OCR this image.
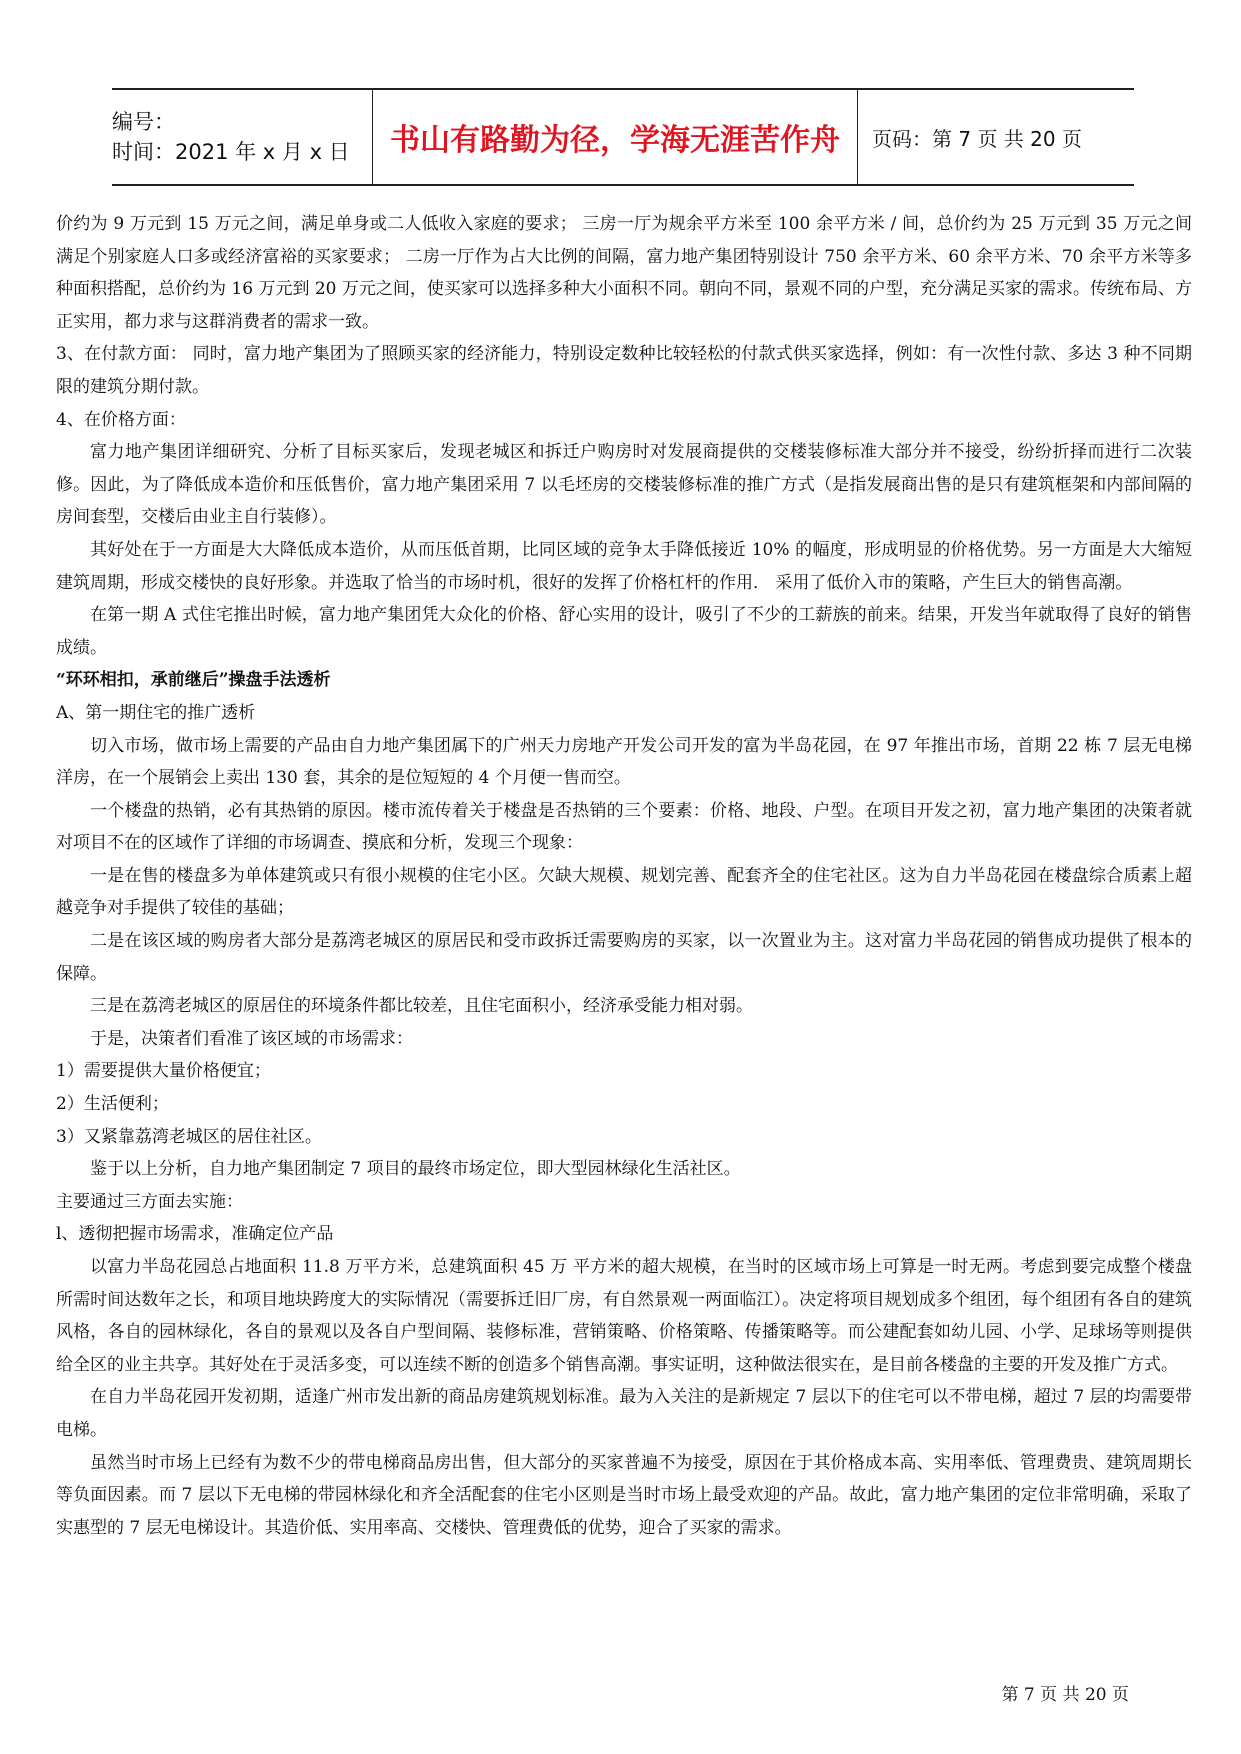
编号：
时间：2021 年 x 月 x 日	书山有路勤为径，学海无涯苦作舟	页码：第 7 页 共 20 页

价约为 9 万元到 15 万元之间，满足单身或二人低收入家庭的要求； 三房一厅为规余平方米至 100 余平方米 / 间，总价约为 25 万元到 35 万元之间满足个别家庭人口多或经济富裕的买家要求； 二房一厅作为占大比例的间隔，富力地产集团特别设计 750 余平方米、60 余平方米、70 余平方米等多种面积搭配，总价约为 16 万元到 20 万元之间，使买家可以选择多种大小面积不同。朝向不同，景观不同的户型，充分满足买家的需求。传统布局、方正实用，都力求与这群消费者的需求一致。

3、在付款方面： 同时，富力地产集团为了照顾买家的经济能力，特别设定数种比较轻松的付款式供买家选择，例如：有一次性付款、多达 3 种不同期限的建筑分期付款。

4、在价格方面：

富力地产集团详细研究、分析了目标买家后，发现老城区和拆迁户购房时对发展商提供的交楼装修标准大部分并不接受，纷纷折择而进行二次装修。因此，为了降低成本造价和压低售价，富力地产集团采用 7 以毛坯房的交楼装修标准的推广方式（是指发展商出售的是只有建筑框架和内部间隔的房间套型，交楼后由业主自行装修）。

其好处在于一方面是大大降低成本造价，从而压低首期，比同区域的竞争太手降低接近 10% 的幅度，形成明显的价格优势。另一方面是大大缩短建筑周期，形成交楼快的良好形象。并选取了恰当的市场时机，很好的发挥了价格杠杆的作用． 采用了低价入市的策略，产生巨大的销售高潮。

在第一期 A 式住宅推出时候，富力地产集团凭大众化的价格、舒心实用的设计，吸引了不少的工薪族的前来。结果，开发当年就取得了良好的销售成绩。

“环环相扣，承前继后”操盘手法透析

A、第一期住宅的推广透析

切入市场，做市场上需要的产品由自力地产集团属下的广州天力房地产开发公司开发的富为半岛花园，在 97 年推出市场，首期 22 栋 7 层无电梯洋房，在一个展销会上卖出 130 套，其余的是位短短的 4 个月便一售而空。

一个楼盘的热销，必有其热销的原因。楼市流传着关于楼盘是否热销的三个要素：价格、地段、户型。在项目开发之初，富力地产集团的决策者就对项目不在的区域作了详细的市场调查、摸底和分析，发现三个现象：

一是在售的楼盘多为单体建筑或只有很小规模的住宅小区。欠缺大规模、规划完善、配套齐全的住宅社区。这为自力半岛花园在楼盘综合质素上超越竞争对手提供了较佳的基础；

二是在该区域的购房者大部分是荔湾老城区的原居民和受市政拆迁需要购房的买家，以一次置业为主。这对富力半岛花园的销售成功提供了根本的保障。

三是在荔湾老城区的原居住的环境条件都比较差，且住宅面积小，经济承受能力相对弱。

于是，决策者们看准了该区域的市场需求：

1）需要提供大量价格便宜；

2）生活便利；

3）又紧靠荔湾老城区的居住社区。

鉴于以上分析，自力地产集团制定 7 项目的最终市场定位，即大型园林绿化生活社区。

主要通过三方面去实施：

l、透彻把握市场需求，准确定位产品

以富力半岛花园总占地面积 11.8 万平方米，总建筑面积 45 万 平方米的超大规模，在当时的区域市场上可算是一时无两。考虑到要完成整个楼盘所需时间达数年之长，和项目地块跨度大的实际情况（需要拆迁旧厂房，有自然景观一两面临江）。决定将项目规划成多个组团，每个组团有各自的建筑风格，各自的园林绿化，各自的景观以及各自户型间隔、装修标准，营销策略、价格策略、传播策略等。而公建配套如幼儿园、小学、足球场等则提供给全区的业主共享。其好处在于灵活多变，可以连续不断的创造多个销售高潮。事实证明，这种做法很实在，是目前各楼盘的主要的开发及推广方式。

在自力半岛花园开发初期，适逢广州市发出新的商品房建筑规划标准。最为入关注的是新规定 7 层以下的住宅可以不带电梯，超过 7 层的均需要带电梯。

虽然当时市场上已经有为数不少的带电梯商品房出售，但大部分的买家普遍不为接受，原因在于其价格成本高、实用率低、管理费贵、建筑周期长等负面因素。而 7 层以下无电梯的带园林绿化和齐全活配套的住宅小区则是当时市场上最受欢迎的产品。故此，富力地产集团的定位非常明确，采取了实惠型的 7 层无电梯设计。其造价低、实用率高、交楼快、管理费低的优势，迎合了买家的需求。

第 7 页 共 20 页
